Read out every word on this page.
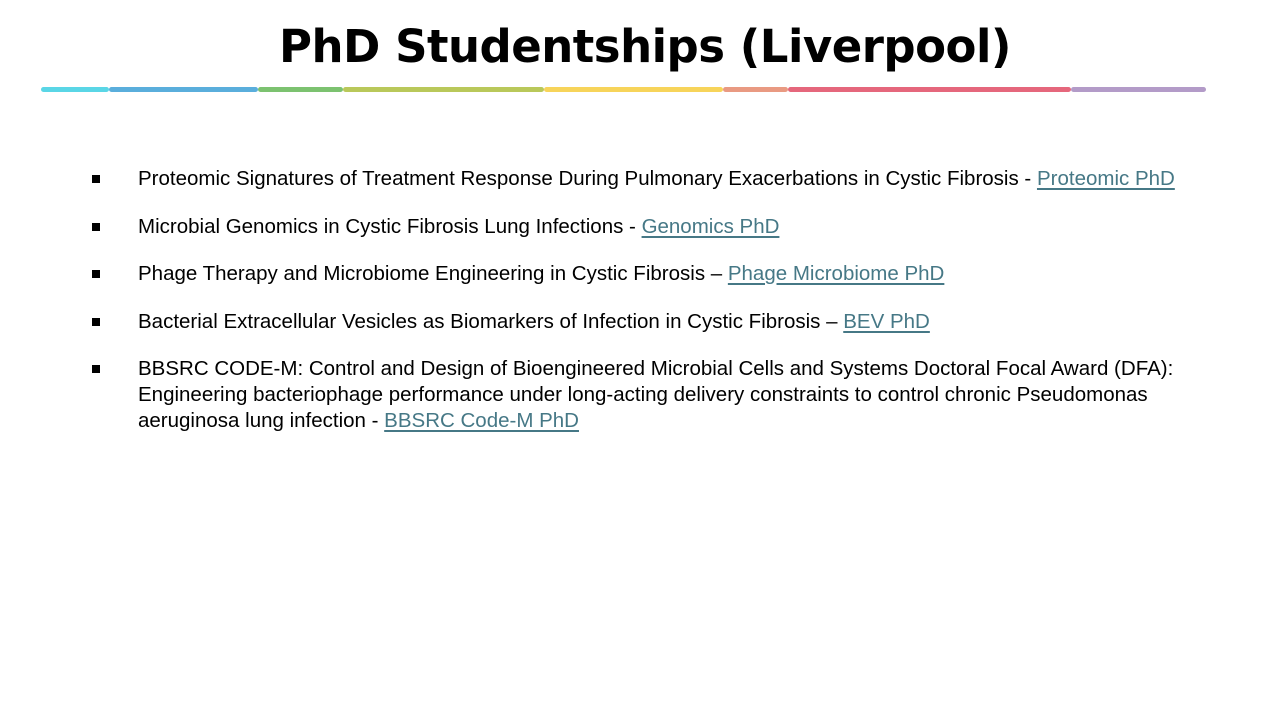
PhD Studentships (Liverpool)
Proteomic Signatures of Treatment Response During Pulmonary Exacerbations in Cystic Fibrosis - Proteomic PhD
Microbial Genomics in Cystic Fibrosis Lung Infections - Genomics PhD
Phage Therapy and Microbiome Engineering in Cystic Fibrosis – Phage Microbiome PhD
Bacterial Extracellular Vesicles as Biomarkers of Infection in Cystic Fibrosis – BEV PhD
BBSRC CODE-M: Control and Design of Bioengineered Microbial Cells and Systems Doctoral Focal Award (DFA): Engineering bacteriophage performance under long-acting delivery constraints to control chronic Pseudomonas aeruginosa lung infection - BBSRC Code-M PhD
